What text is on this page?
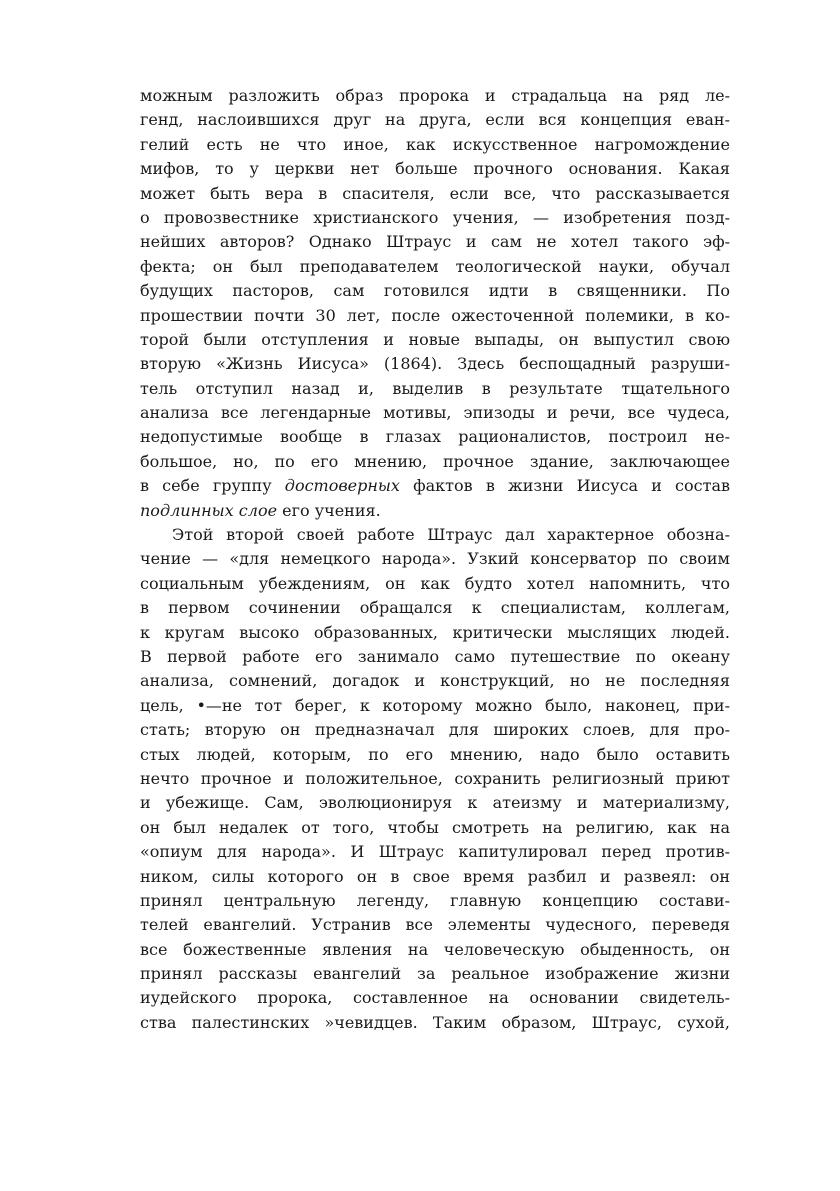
можным разложить образ пророка и страдальца на ряд ле-
генд, наслоившихся друг на друга, если вся концепция еван-
гелий есть не что иное, как искусственное нагромождение
мифов, то у церкви нет больше прочного основания. Какая
может быть вера в спасителя, если все, что рассказывается
о провозвестнике христианского учения, — изобретения позд-
нейших авторов? Однако Штраус и сам не хотел такого эф-
фекта; он был преподавателем теологической науки, обучал
будущих пасторов, сам готовился идти в священники. По
прошествии почти 30 лет, после ожесточенной полемики, в ко-
торой были отступления и новые выпады, он выпустил свою
вторую «Жизнь Иисуса» (1864). Здесь беспощадный разруши-
тель отступил назад и, выделив в результате тщательного
анализа все легендарные мотивы, эпизоды и речи, все чудеса,
недопустимые вообще в глазах рационалистов, построил не-
большое, но, по его мнению, прочное здание, заключающее
в себе группу достоверных фактов в жизни Иисуса и состав
подлинных слое его учения.
Этой второй своей работе Штраус дал характерное обозна-
чение — «для немецкого народа». Узкий консерватор по своим
социальным убеждениям, он как будто хотел напомнить, что
в первом сочинении обращался к специалистам, коллегам,
к кругам высоко образованных, критически мыслящих людей.
В первой работе его занимало само путешествие по океану
анализа, сомнений, догадок и конструкций, но не последняя
цель, •—не тот берег, к которому можно было, наконец, при-
стать; вторую он предназначал для широких слоев, для про-
стых людей, которым, по его мнению, надо было оставить
нечто прочное и положительное, сохранить религиозный приют
и убежище. Сам, эволюционируя к атеизму и материализму,
он был недалек от того, чтобы смотреть на религию, как на
«опиум для народа». И Штраус капитулировал перед против-
ником, силы которого он в свое время разбил и развеял: он
принял центральную легенду, главную концепцию состави-
телей евангелий. Устранив все элементы чудесного, переведя
все божественные явления на человеческую обыденность, он
принял рассказы евангелий за реальное изображение жизни
иудейского пророка, составленное на основании свидетель-
ства палестинских »чевидцев. Таким образом, Штраус, сухой,
